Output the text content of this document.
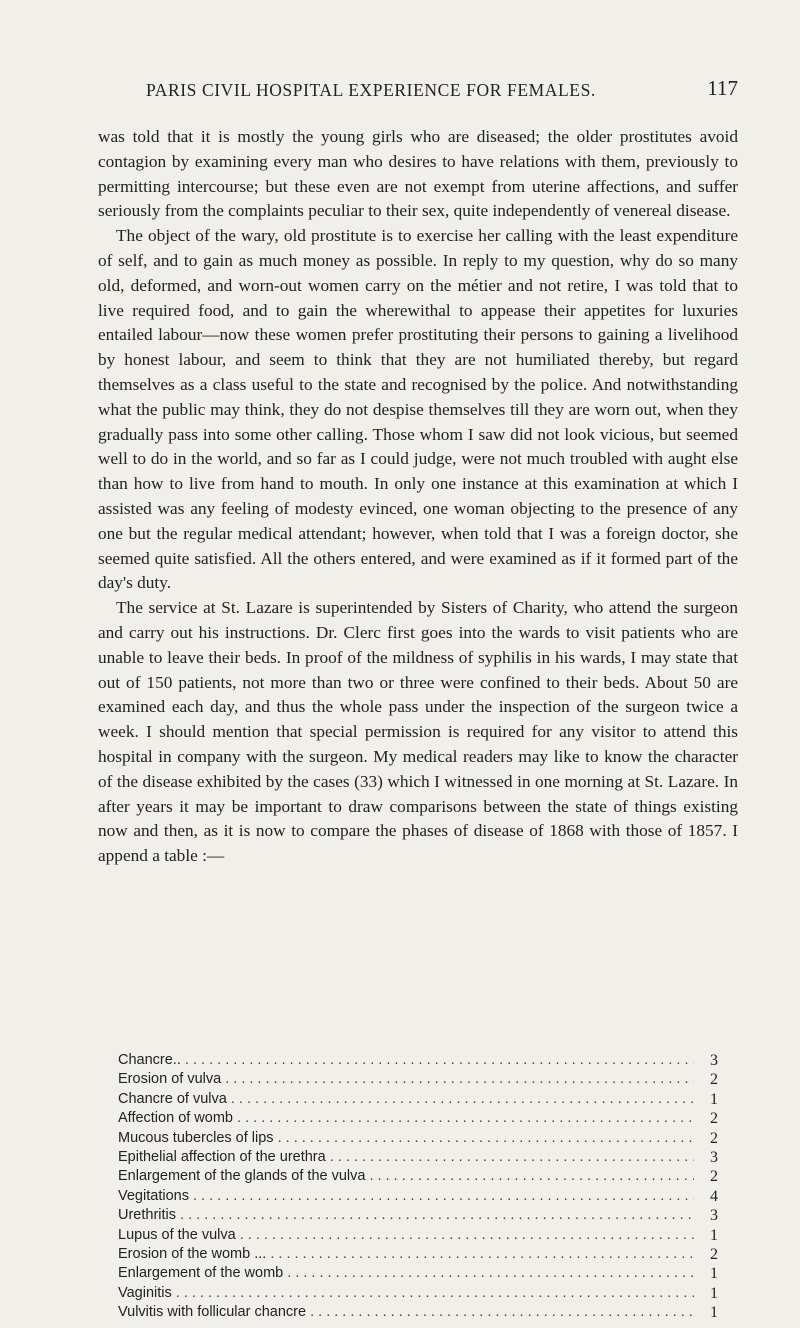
PARIS CIVIL HOSPITAL EXPERIENCE FOR FEMALES.	117

was told that it is mostly the young girls who are diseased; the older prostitutes avoid contagion by examining every man who desires to have relations with them, previously to permitting intercourse; but these even are not exempt from uterine affections, and suffer seriously from the complaints peculiar to their sex, quite independently of venereal disease.

The object of the wary, old prostitute is to exercise her calling with the least expenditure of self, and to gain as much money as possible. In reply to my question, why do so many old, deformed, and worn-out women carry on the métier and not retire, I was told that to live required food, and to gain the wherewithal to appease their appetites for luxuries entailed labour—now these women prefer prostituting their persons to gaining a livelihood by honest labour, and seem to think that they are not humiliated thereby, but regard themselves as a class useful to the state and recognised by the police. And notwithstanding what the public may think, they do not despise themselves till they are worn out, when they gradually pass into some other calling. Those whom I saw did not look vicious, but seemed well to do in the world, and so far as I could judge, were not much troubled with aught else than how to live from hand to mouth. In only one instance at this examination at which I assisted was any feeling of modesty evinced, one woman objecting to the presence of any one but the regular medical attendant; however, when told that I was a foreign doctor, she seemed quite satisfied. All the others entered, and were examined as if it formed part of the day's duty.

The service at St. Lazare is superintended by Sisters of Charity, who attend the surgeon and carry out his instructions. Dr. Clerc first goes into the wards to visit patients who are unable to leave their beds. In proof of the mildness of syphilis in his wards, I may state that out of 150 patients, not more than two or three were confined to their beds. About 50 are examined each day, and thus the whole pass under the inspection of the surgeon twice a week. I should mention that special permission is required for any visitor to attend this hospital in company with the surgeon. My medical readers may like to know the character of the disease exhibited by the cases (33) which I witnessed in one morning at St. Lazare. In after years it may be important to draw comparisons between the state of things existing now and then, as it is now to compare the phases of disease of 1868 with those of 1857. I append a table :—

Chancre.. . . .	3
Erosion of vulva . . .	2
Chancre of vulva . . .	1
Affection of womb . . .	2
Mucous tubercles of lips . . .	2
Epithelial affection of the urethra . . .	3
Enlargement of the glands of the vulva . . .	2
Vegitations . . .	4
Urethritis . . .	3
Lupus of the vulva . . .	1
Erosion of the womb ... . . .	2
Enlargement of the womb . . .	1
Vaginitis . . .	1
Vulvitis with follicular chancre . . .	1
